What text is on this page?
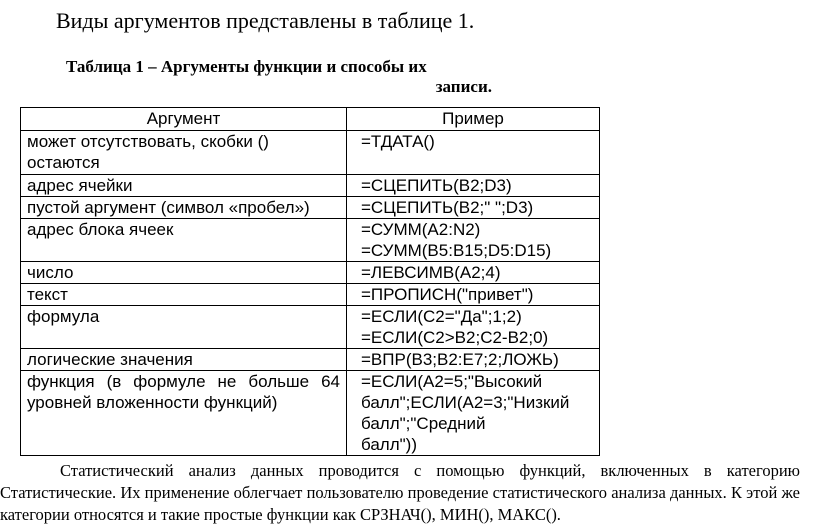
Виды аргументов представлены в таблице 1.
Таблица 1 – Аргументы функции и способы их
записи.
Аргумент	Пример
может отсутствовать, скобки () остаются	=ТДАТА()

адрес ячейки	=СЦЕПИТЬ(B2;D3)

пустой аргумент (символ «пробел»)	=СЦЕПИТЬ(B2;" ";D3)

адрес блока ячеек	=СУММ(A2:N2)
=СУММ(B5:B15;D5:D15)

число	=ЛЕВСИМВ(A2;4)

текст	=ПРОПИСН("привет")

формула	=ЕСЛИ(C2="Да";1;2)
=ЕСЛИ(C2>B2;C2-B2;0)

логические значения	=ВПР(B3;B2:E7;2;ЛОЖЬ)

функция (в формуле не больше 64 уровней вложенности функций)	=ЕСЛИ(A2=5;"Высокий
балл";ЕСЛИ(A2=3;"Низкий балл";"Средний
балл"))
Статистический анализ данных проводится с помощью функций, включенных в категорию
Статистические. Их применение облегчает пользователю проведение статистического анализа данных. К этой же категории относятся и такие простые функции как СРЗНАЧ(), МИН(), МАКС().
